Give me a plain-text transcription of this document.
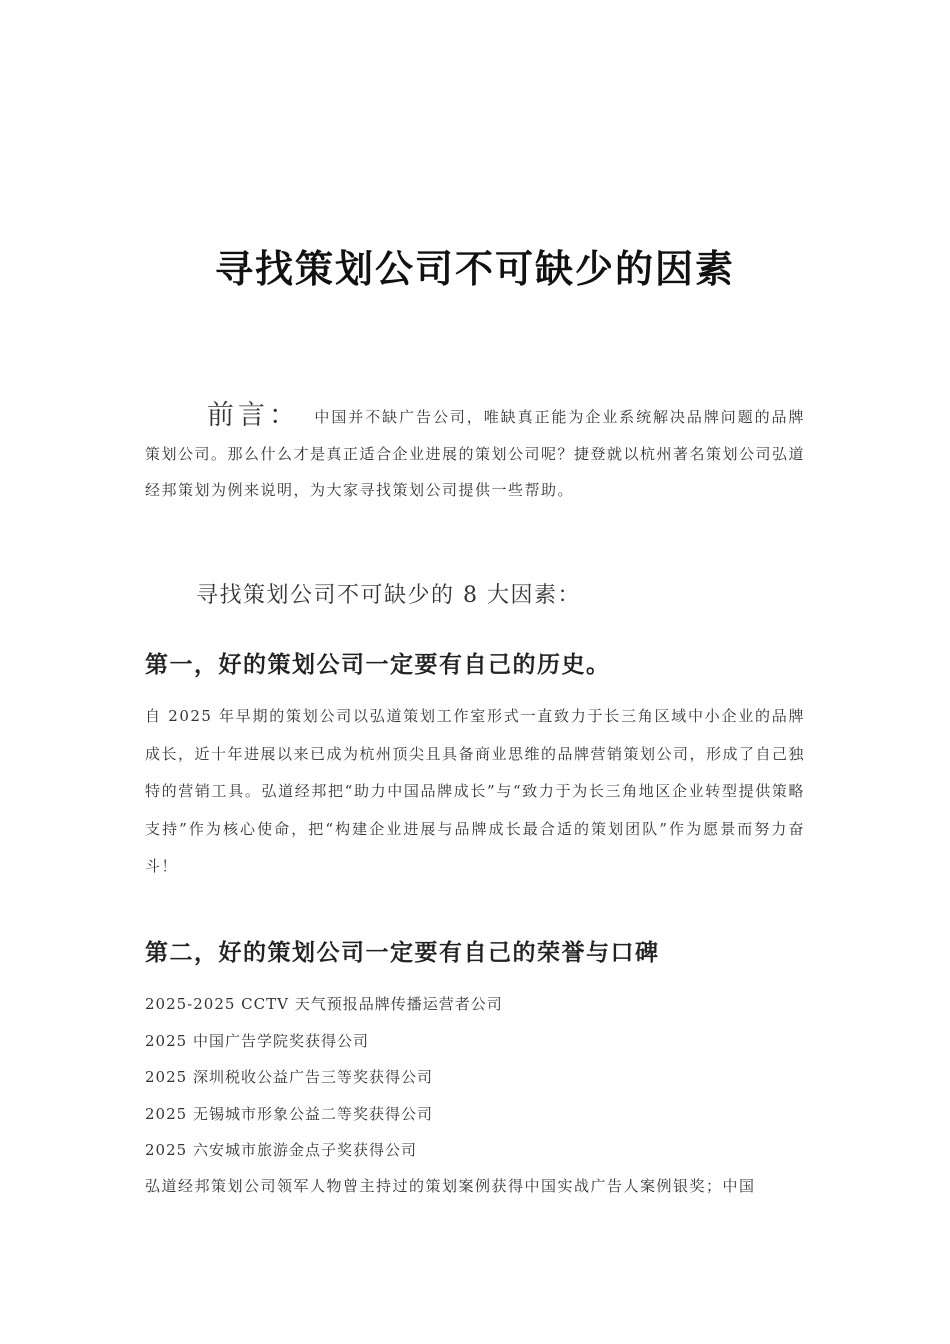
寻找策划公司不可缺少的因素

前言： 中国并不缺广告公司，唯缺真正能为企业系统解决品牌问题的品牌策划公司。那么什么才是真正适合企业进展的策划公司呢？捷登就以杭州著名策划公司弘道经邦策划为例来说明，为大家寻找策划公司提供一些帮助。

寻找策划公司不可缺少的 8 大因素：

第一，好的策划公司一定要有自己的历史。

自 2025 年早期的策划公司以弘道策划工作室形式一直致力于长三角区域中小企业的品牌成长，近十年进展以来已成为杭州顶尖且具备商业思维的品牌营销策划公司，形成了自己独特的营销工具。弘道经邦把“助力中国品牌成长”与“致力于为长三角地区企业转型提供策略支持”作为核心使命，把“构建企业进展与品牌成长最合适的策划团队”作为愿景而努力奋斗！

第二，好的策划公司一定要有自己的荣誉与口碑
2025-2025 CCTV 天气预报品牌传播运营者公司
2025 中国广告学院奖获得公司
2025 深圳税收公益广告三等奖获得公司
2025 无锡城市形象公益二等奖获得公司
2025 六安城市旅游金点子奖获得公司

弘道经邦策划公司领军人物曾主持过的策划案例获得中国实战广告人案例银奖；中国
